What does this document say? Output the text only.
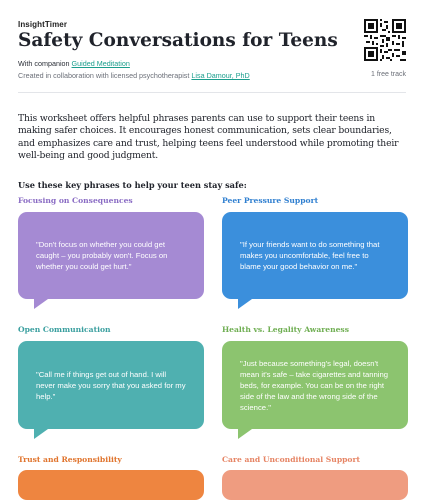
InsightTimer
Safety Conversations for Teens
With companion Guided Meditation
Created in collaboration with licensed psychotherapist Lisa Damour, PhD	1 free track
This worksheet offers helpful phrases parents can use to support their teens in making safer choices. It encourages honest communication, sets clear boundaries, and emphasizes care and trust, helping teens feel understood while promoting their well-being and good judgment.
Use these key phrases to help your teen stay safe:
Focusing on Consequences
"Don't focus on whether you could get caught – you probably won't. Focus on whether you could get hurt."
Peer Pressure Support
"If your friends want to do something that makes you uncomfortable, feel free to blame your good behavior on me."
Open Communication
"Call me if things get out of hand. I will never make you sorry that you asked for my help."
Health vs. Legality Awareness
"Just because something's legal, doesn't mean it's safe – take cigarettes and tanning beds, for example. You can be on the right side of the law and the wrong side of the science."
Trust and Responsibility	Care and Unconditional Support
